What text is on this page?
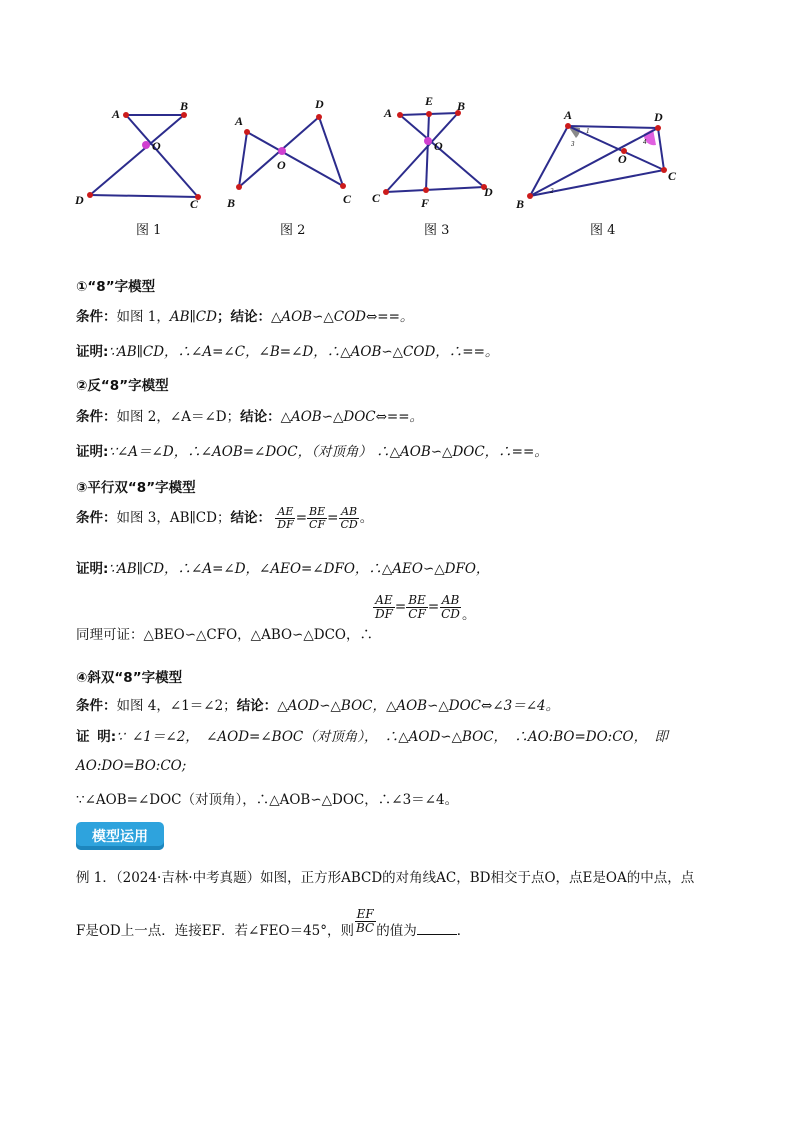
A
B
O
D	C
图 1
A
B
O
D
C
图 2
A
E B
O
C	F
D
图 3
A	D
O
C
B
1
3	4
2
图 4
①“8”字模型
条件：如图 1，AB∥CD；结论：△AOB∽△COD⇔==。
证明:∵AB∥CD，∴∠A=∠C，∠B=∠D，∴△AOB∽△COD，∴==。
②反“8”字模型
条件：如图 2，∠A＝∠D；结论：△AOB∽△DOC⇔==。
证明:∵∠A＝∠D，∴∠AOB=∠DOC，（对顶角） ∴△AOB∽△DOC，∴==。
③平行双“8”字模型
条件：如图 3，AB∥CD；结论： $\frac{AE}{DF} = \frac{BE}{CF} = \frac{AB}{CD}$ 。
证明:∵AB∥CD，∴∠A=∠D，∠AEO=∠DFO，∴△AEO∽△DFO，
同理可证：△BEO∽△CFO，△ABO∽△DCO，∴
$\frac{AE}{DF} = \frac{BE}{CF} = \frac{AB}{CD}$ 。
④斜双“8”字模型
条件：如图 4，∠1＝∠2；结论：△AOD∽△BOC，△AOB∽△DOC⇔∠3＝∠4。
证 明:∵ ∠1＝∠2， ∠AOD=∠BOC（对顶角）， ∴△AOD∽△BOC， ∴AO:BO=DO:CO， 即
AO:DO=BO:CO;
∵∠AOB=∠DOC（对顶角），∴△AOB∽△DOC，∴∠3＝∠4。
模型运用
例 1．（2024·吉林·中考真题）如图，正方形ABCD的对角线AC，BD相交于点O，点E是OA的中点，点
F是OD上一点．连接EF．若∠FEO＝45°，则 $\frac{EF}{BC}$ 的值为	．
